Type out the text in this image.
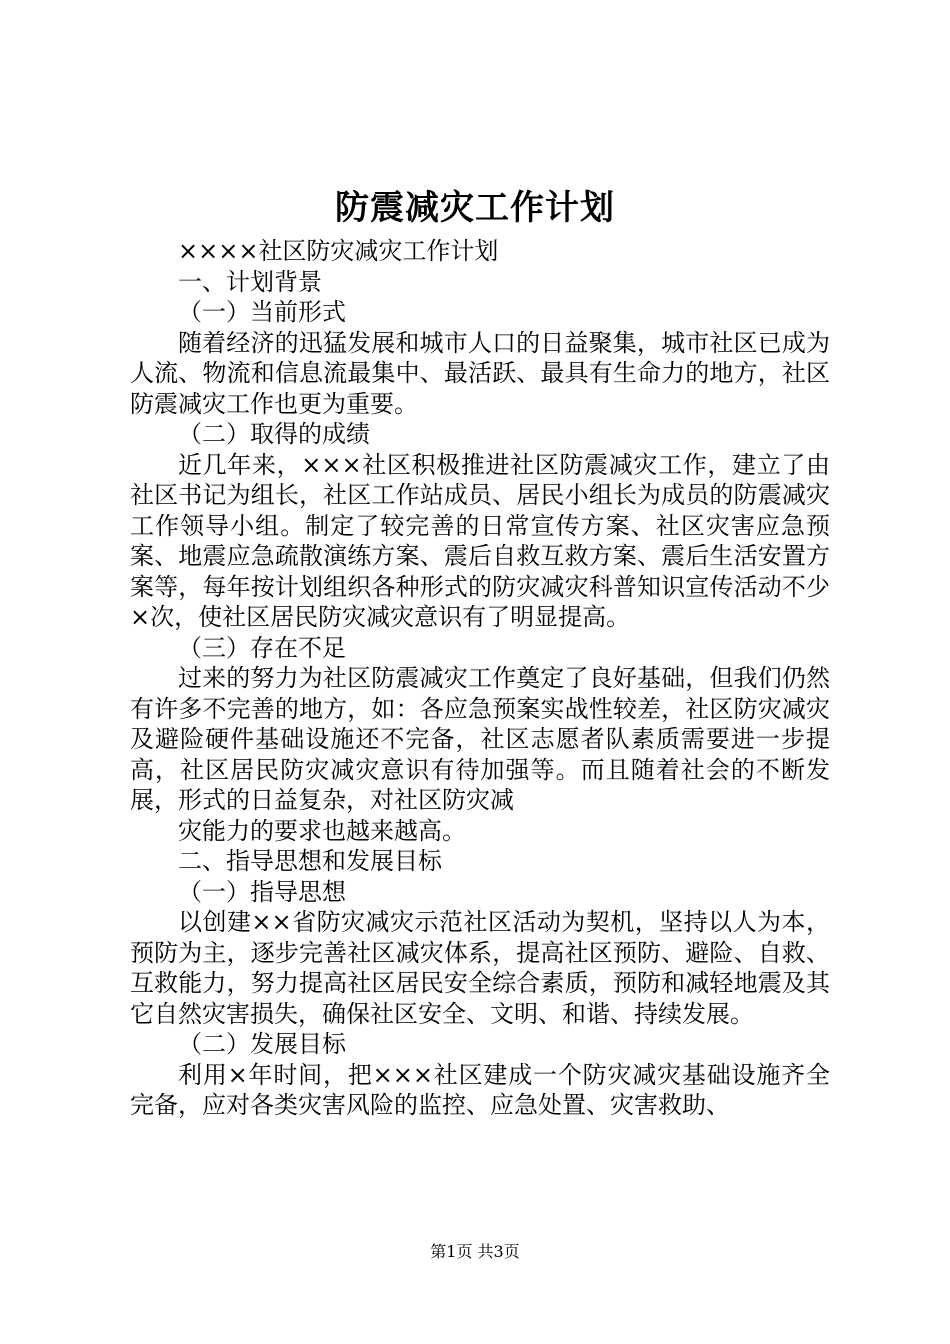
防震减灾工作计划

××××社区防灾减灾工作计划

一、计划背景

（一）当前形式

随着经济的迅猛发展和城市人口的日益聚集，城市社区已成为人流、物流和信息流最集中、最活跃、最具有生命力的地方，社区防震减灾工作也更为重要。

（二）取得的成绩

近几年来，×××社区积极推进社区防震减灾工作，建立了由社区书记为组长，社区工作站成员、居民小组长为成员的防震减灾工作领导小组。制定了较完善的日常宣传方案、社区灾害应急预案、地震应急疏散演练方案、震后自救互救方案、震后生活安置方案等，每年按计划组织各种形式的防灾减灾科普知识宣传活动不少×次，使社区居民防灾减灾意识有了明显提高。

（三）存在不足

过来的努力为社区防震减灾工作奠定了良好基础，但我们仍然有许多不完善的地方，如：各应急预案实战性较差，社区防灾减灾及避险硬件基础设施还不完备，社区志愿者队素质需要进一步提高，社区居民防灾减灾意识有待加强等。而且随着社会的不断发展，形式的日益复杂，对社区防灾减

灾能力的要求也越来越高。

二、指导思想和发展目标

（一）指导思想

以创建××省防灾减灾示范社区活动为契机，坚持以人为本，预防为主，逐步完善社区减灾体系，提高社区预防、避险、自救、互救能力，努力提高社区居民安全综合素质，预防和减轻地震及其它自然灾害损失，确保社区安全、文明、和谐、持续发展。

（二）发展目标

利用×年时间，把×××社区建成一个防灾减灾基础设施齐全完备，应对各类灾害风险的监控、应急处置、灾害救助、

第1页 共3页
